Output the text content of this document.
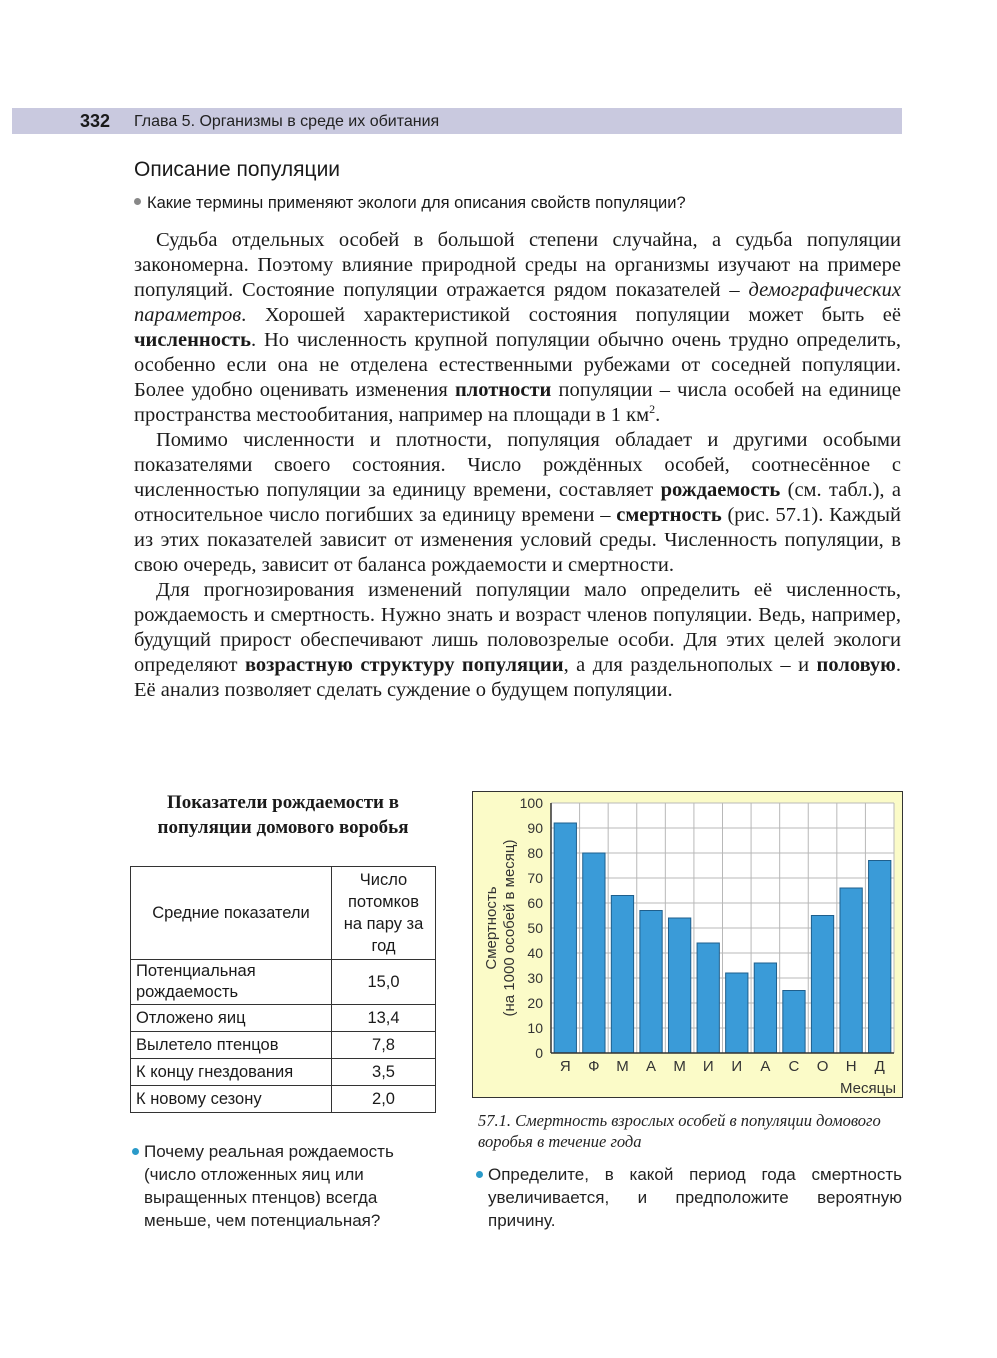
332 Глава 5. Организмы в среде их обитания
Описание популяции
Какие термины применяют экологи для описания свойств популяции?

Судьба отдельных особей в большой степени случайна, а судьба популяции закономерна. Поэтому влияние природной среды на организмы изучают на примере популяций. Состояние популяции отражается рядом показателей – демографических параметров. Хорошей характеристикой состояния популяции может быть её численность. Но численность крупной популяции обычно очень трудно определить, особенно если она не отделена естественными рубежами от соседней популяции. Более удобно оценивать изменения плотности популяции – числа особей на единице пространства местообитания, например на площади в 1 $км^2$.

Помимо численности и плотности, популяция обладает и другими особыми показателями своего состояния. Число рождённых особей, соотнесённое с численностью популяции за единицу времени, составляет рождаемость (см. табл.), а относительное число погибших за единицу времени – смертность (рис. 57.1). Каждый из этих показателей зависит от изменения условий среды. Численность популяции, в свою очередь, зависит от баланса рождаемости и смертности.

Для прогнозирования изменений популяции мало определить её численность, рождаемость и смертность. Нужно знать и возраст членов популяции. Ведь, например, будущий прирост обеспечивают лишь половозрелые особи. Для этих целей экологи определяют возрастную структуру популяции, а для раздельнополых – и половую. Её анализ позволяет сделать суждение о будущем популяции.

Показатели рождаемости в популяции домового воробья
Средние показатели	Число потомков на пару за год
Потенциальная рождаемость	15,0
Отложено яиц	13,4
Вылетело птенцов	7,8
К концу гнездования	3,5
К новому сезону	2,0
Почему реальная рождаемость (число отложенных яиц или выращенных птенцов) всегда меньше, чем потенциальная?
0
10
20
30
40
50
60
70
80
90
100
Я Ф М А М И И А С О Н Д
Месяцы
Смертность (на 1000 особей в месяц)
57.1. Смертность взрослых особей в популяции домового воробья в течение года
Определите, в какой период года смертность увеличивается, и предположите вероятную причину.
